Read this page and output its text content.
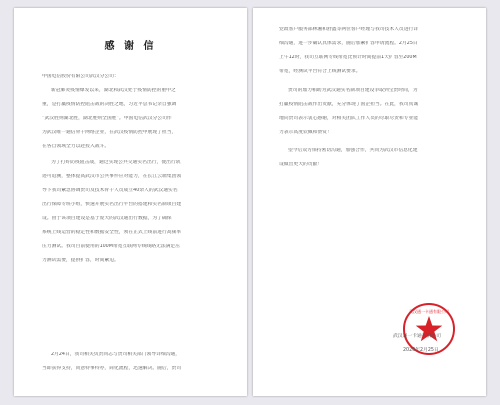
感 谢 信
中国电信股份有限公司武汉分公司：
新冠肺炎疫情爆发以来，湖北和武汉处于疫情防控的重中之
重，是打赢疫情防控阻击战的决胜之地，习近平总书记亲自强调
“武汉胜则湖北胜，湖北胜则全国胜”。中国电信武汉分公司作
为武汉唯一通信骨干网络企业，在武汉疫情防控中展现了担当，
在各自领域全力以赴投入战斗。
为了打好防疫阻击战，通过实现公共交通实名出行，使出行轨
迹可追溯，整体提高武汉市公共事件应对能力，在长江云端集团领
导下我司紧急协调贵司及技术骨干人员成立40余人的武汉通实名
出行保障专班小组，快速开展实名出行平台的搭建和实名制项目建
设。由于该项目建设是基于庞大的武汉通出行数据，为了确保
系统上线运营的稳定性和数据安全性，须在正式上线前进行高频率
压力测试。我司目前使用的100M带宽互联网专线线路无法满足压
力测试需要，提供扩容，时间紧迫。
2月24日，我司相关负责同志与贵司相关部门领导详细沟通，
当即获得支持，同意特事特办，简化流程，迅速解决。随后，贵司
党政客户服务部林湘和舒鑫等两位客户经理与我司技术人员进行详
细沟通，进一步确认具体需求，随后加紧扩容申请流程。2月25日
上午12时，我司互联网专线带宽比预计时间提前1天扩容至200M
带宽，经测试平台符合上线测试要求。
贵司的鼎力相助为武汉通实名制项目建设争取到宝贵时间，为
打赢疫情阻击战作出贡献，充分体现了国企担当。在此，我司真诚
地向贵司表示衷心感谢，对相关团队工作人员的尽职尽责和专业能
力表示高度钦佩和赞赏！
望今后双方保持密切沟通，加强合作，共同为武汉市信息化建
设做出更大的贡献！
武汉通一卡通有限公司
武汉通一卡通有限公司
2020年2月25日
